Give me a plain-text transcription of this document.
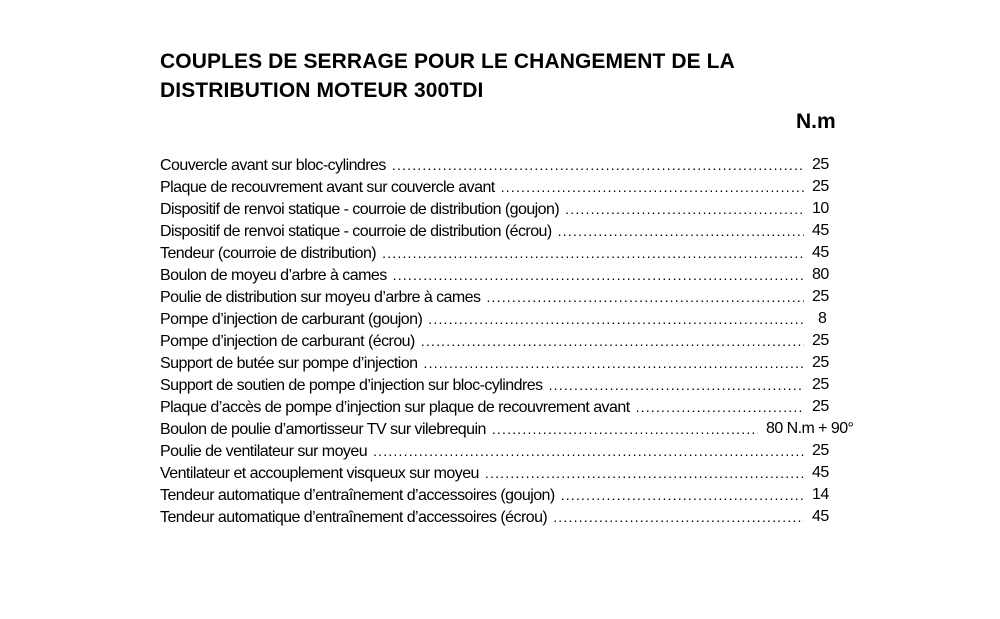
COUPLES DE SERRAGE POUR LE CHANGEMENT DE LA
DISTRIBUTION MOTEUR 300TDI
N.m
Couvercle avant sur bloc-cylindres .....	25
Plaque de recouvrement avant sur couvercle avant .....	25
Dispositif de renvoi statique - courroie de distribution (goujon) .....	10
Dispositif de renvoi statique - courroie de distribution (écrou) .....	45
Tendeur (courroie de distribution) .....	45
Boulon de moyeu d’arbre à cames .....	80
Poulie de distribution sur moyeu d’arbre à cames .....	25
Pompe d’injection de carburant (goujon) .....	8
Pompe d’injection de carburant (écrou) .....	25
Support de butée sur pompe d’injection .....	25
Support de soutien de pompe d’injection sur bloc-cylindres .....	25
Plaque d’accès de pompe d’injection sur plaque de recouvrement avant .....	25
Boulon de poulie d’amortisseur TV sur vilebrequin .....	80 N.m + 90°
Poulie de ventilateur sur moyeu .....	25
Ventilateur et accouplement visqueux sur moyeu .....	45
Tendeur automatique d’entraînement d’accessoires (goujon) .....	14
Tendeur automatique d’entraînement d’accessoires (écrou) .....	45
